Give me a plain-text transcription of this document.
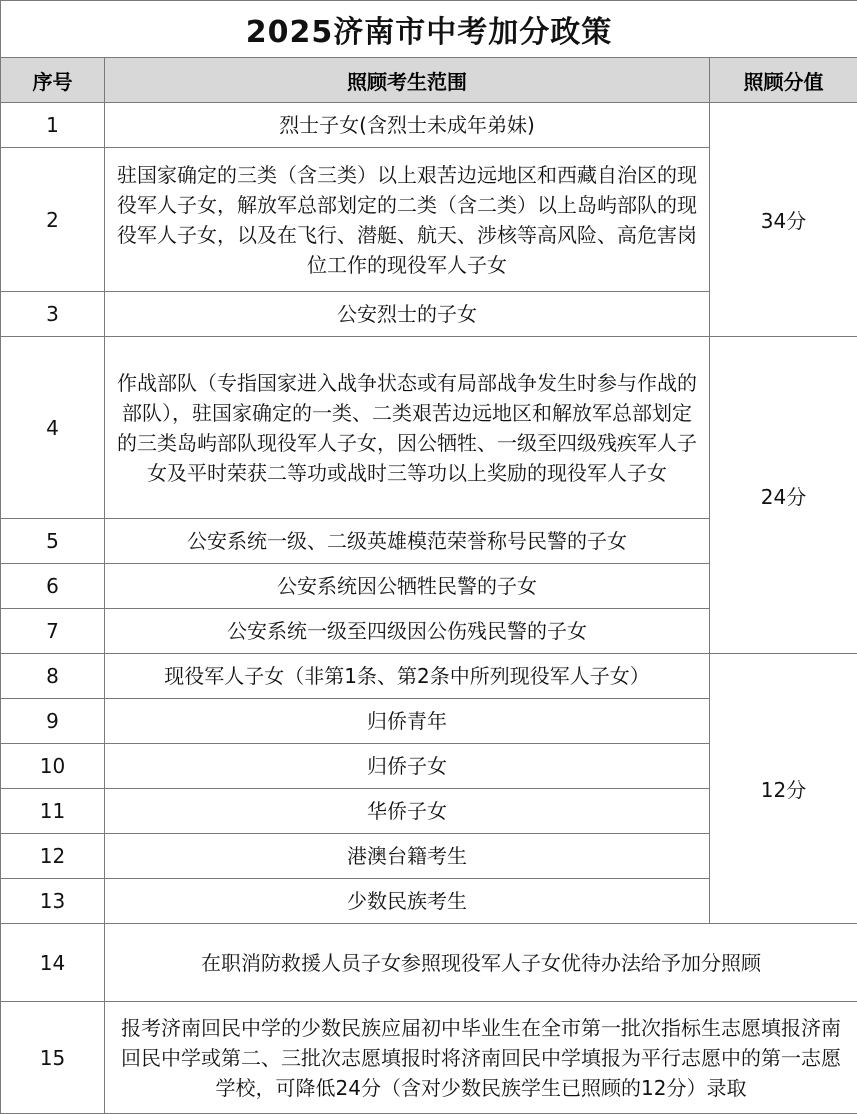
2025济南市中考加分政策		
序号	照顾考生范围	照顾分值
1	烈士子女(含烈士未成年弟妹)	34分
2	驻国家确定的三类（含三类）以上艰苦边远地区和西藏自治区的现役军人子女，解放军总部划定的二类（含二类）以上岛屿部队的现役军人子女，以及在飞行、潜艇、航天、涉核等高风险、高危害岗位工作的现役军人子女	
3	公安烈士的子女	
4	作战部队（专指国家进入战争状态或有局部战争发生时参与作战的部队），驻国家确定的一类、二类艰苦边远地区和解放军总部划定的三类岛屿部队现役军人子女，因公牺牲、一级至四级残疾军人子女及平时荣获二等功或战时三等功以上奖励的现役军人子女	24分
5	公安系统一级、二级英雄模范荣誉称号民警的子女	
6	公安系统因公牺牲民警的子女	
7	公安系统一级至四级因公伤残民警的子女	
8	现役军人子女（非第1条、第2条中所列现役军人子女）	12分
9	归侨青年	
10	归侨子女	
11	华侨子女	
12	港澳台籍考生	
13	少数民族考生	
14	在职消防救援人员子女参照现役军人子女优待办法给予加分照顾	
15	报考济南回民中学的少数民族应届初中毕业生在全市第一批次指标生志愿填报济南回民中学或第二、三批次志愿填报时将济南回民中学填报为平行志愿中的第一志愿学校，可降低24分（含对少数民族学生已照顾的12分）录取	
